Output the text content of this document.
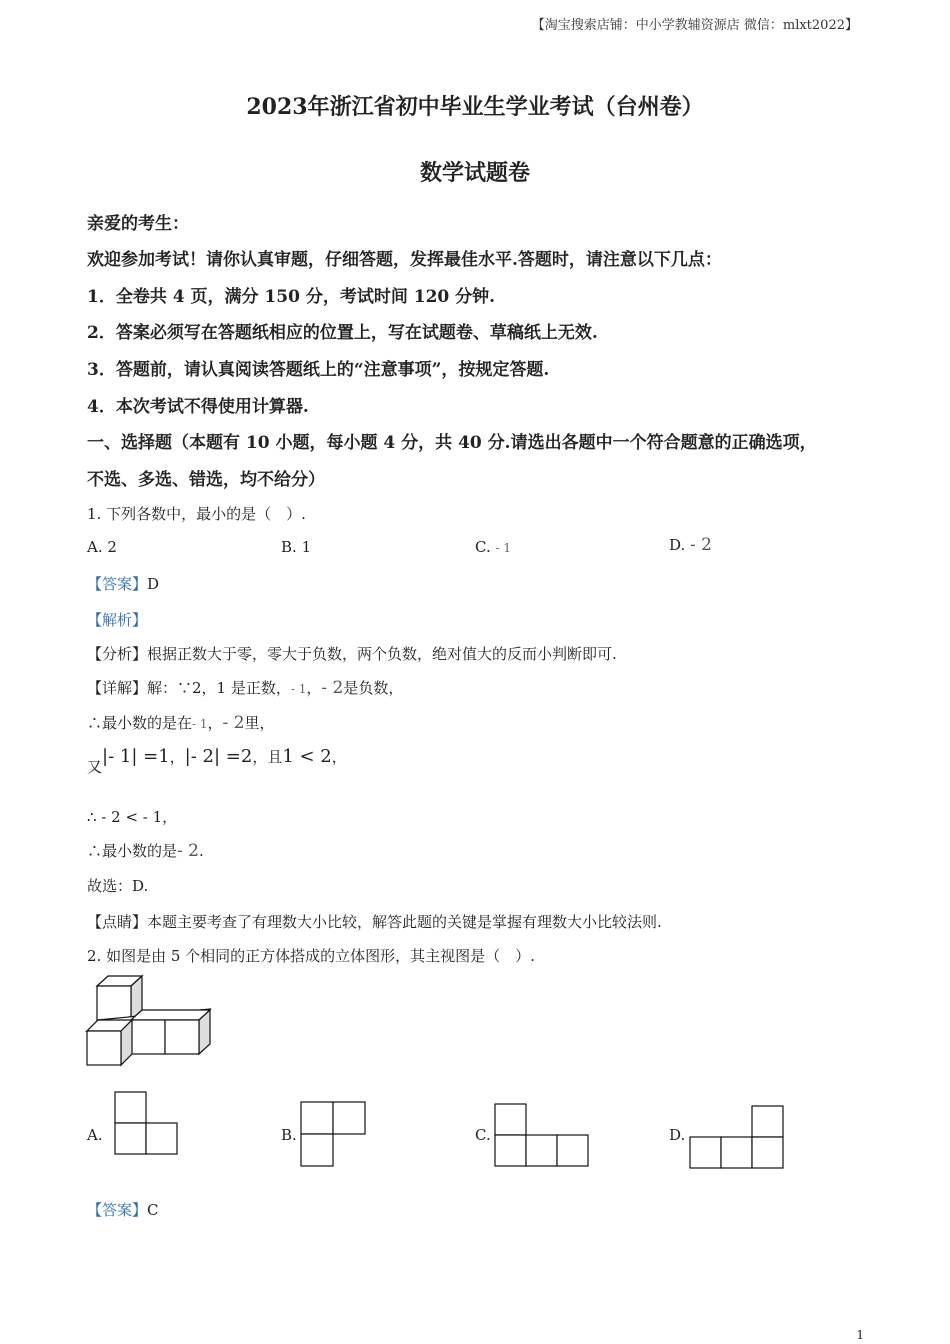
【淘宝搜索店铺：中小学教辅资源店 微信：mlxt2022】
2023年浙江省初中毕业生学业考试（台州卷）
数学试题卷
亲爱的考生：
欢迎参加考试！请你认真审题，仔细答题，发挥最佳水平.答题时，请注意以下几点：
1．全卷共 4 页，满分 150 分，考试时间 120 分钟.
2．答案必须写在答题纸相应的位置上，写在试题卷、草稿纸上无效.
3．答题前，请认真阅读答题纸上的“注意事项”，按规定答题.
4．本次考试不得使用计算器.
一、选择题（本题有 10 小题，每小题 4 分，共 40 分.请选出各题中一个符合题意的正确选项，
不选、多选、错选，均不给分）
1. 下列各数中，最小的是（　）.
A. 2	B. 1	C. - 1	D. - 2
【答案】D
【解析】
【分析】根据正数大于零，零大于负数，两个负数，绝对值大的反而小判断即可.
【详解】解：∵2，1 是正数，- 1，- 2是负数，
∴最小数的是在- 1，- 2里，
又|- 1| =1，|- 2| =2，且1 < 2，
∴ - 2 < - 1，
∴最小数的是- 2.
故选：D.
【点睛】本题主要考查了有理数大小比较，解答此题的关键是掌握有理数大小比较法则.
2. 如图是由 5 个相同的正方体搭成的立体图形，其主视图是（　）.
A.	B.	C.	D.
【答案】C
1
